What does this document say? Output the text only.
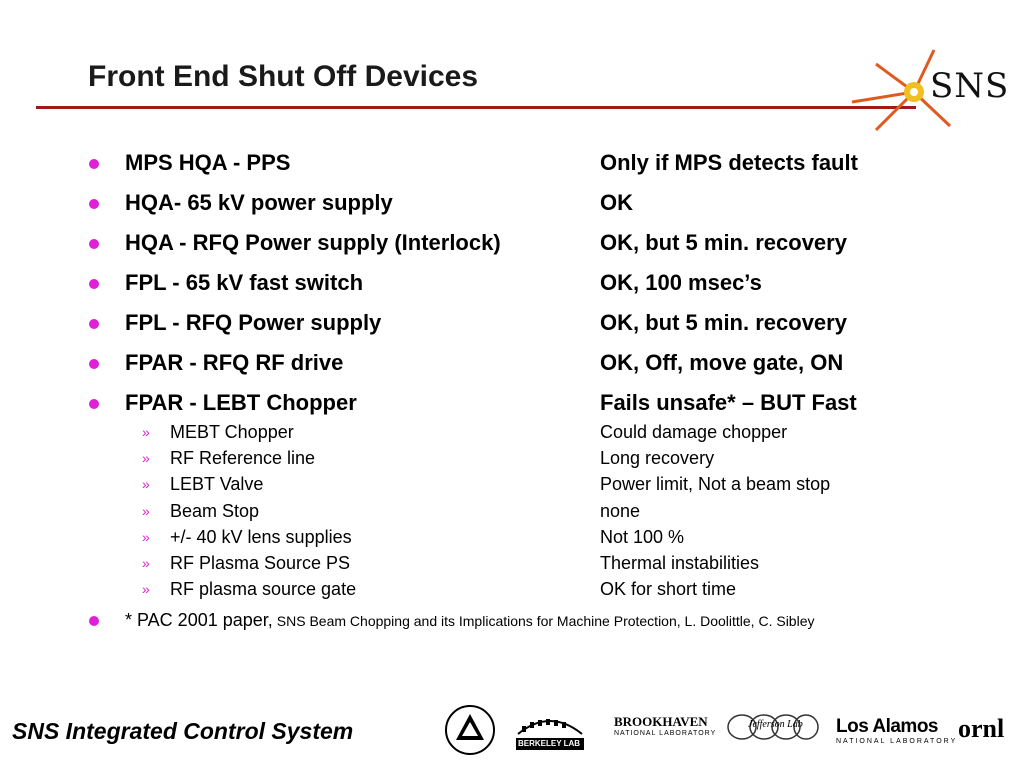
Front End Shut Off Devices	SNS
MPS HQA - PPS	Only if MPS detects fault
HQA- 65 kV power supply	OK
HQA - RFQ Power supply (Interlock)	OK, but 5 min. recovery
FPL - 65 kV fast switch	OK, 100 msec’s
FPL - RFQ Power supply	OK, but 5 min. recovery
FPAR - RFQ RF drive	OK, Off, move gate, ON
FPAR - LEBT Chopper	Fails unsafe* – BUT Fast
» MEBT Chopper	Could damage chopper
» RF Reference line	Long recovery
» LEBT Valve	Power limit, Not a beam stop
» Beam Stop	none
» +/- 40 kV lens supplies	Not 100 %
» RF Plasma Source PS	Thermal instabilities
» RF plasma source gate	OK for short time
* PAC 2001 paper, SNS Beam Chopping and its Implications for Machine Protection, L. Doolittle, C. Sibley
SNS Integrated Control System	BERKELEY LAB
BROOKHAVEN
NATIONAL LABORATORY
Jefferson Lab Los Alamos
NATIONAL LABORATORY ornl
